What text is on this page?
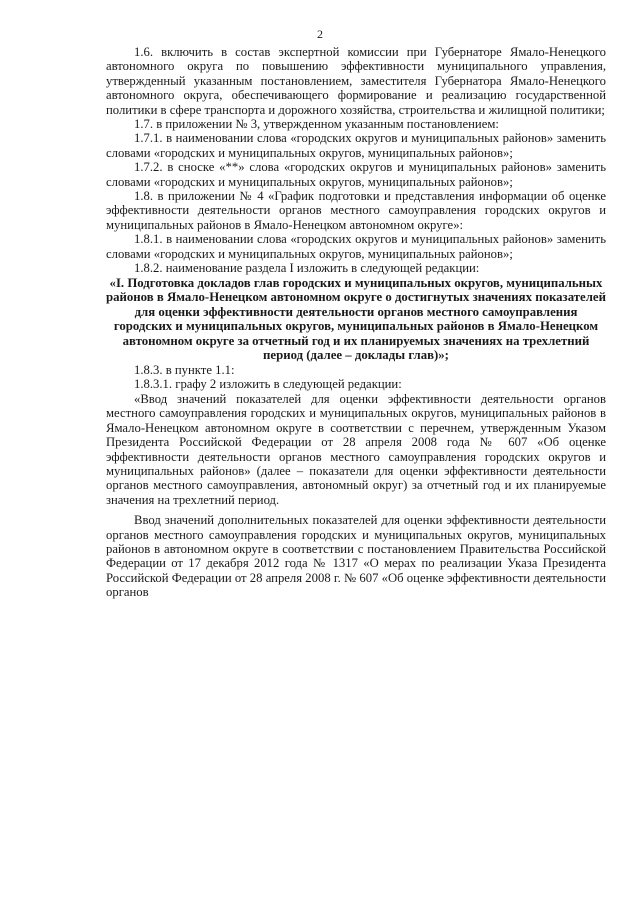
2

1.6. включить в состав экспертной комиссии при Губернаторе Ямало-Ненецкого автономного округа по повышению эффективности муниципального управления, утвержденный указанным постановлением, заместителя Губернатора Ямало-Ненецкого автономного округа, обеспечивающего формирование и реализацию государственной политики в сфере транспорта и дорожного хозяйства, строительства и жилищной политики;

1.7. в приложении № 3, утвержденном указанным постановлением:

1.7.1. в наименовании слова «городских округов и муниципальных районов» заменить словами «городских и муниципальных округов, муниципальных районов»;

1.7.2. в сноске «**» слова «городских округов и муниципальных районов» заменить словами «городских и муниципальных округов, муниципальных районов»;

1.8. в приложении № 4 «График подготовки и представления информации об оценке эффективности деятельности органов местного самоуправления городских округов и муниципальных районов в Ямало-Ненецком автономном округе»:

1.8.1. в наименовании слова «городских округов и муниципальных районов» заменить словами «городских и муниципальных округов, муниципальных районов»;

1.8.2. наименование раздела I изложить в следующей редакции:

«I. Подготовка докладов глав городских и муниципальных округов, муниципальных районов в Ямало-Ненецком автономном округе о достигнутых значениях показателей для оценки эффективности деятельности органов местного самоуправления городских и муниципальных округов, муниципальных районов в Ямало-Ненецком автономном округе за отчетный год и их планируемых значениях на трехлетний период (далее – доклады глав)»;

1.8.3. в пункте 1.1:

1.8.3.1. графу 2 изложить в следующей редакции:

«Ввод значений показателей для оценки эффективности деятельности органов местного самоуправления городских и муниципальных округов, муниципальных районов в Ямало-Ненецком автономном округе в соответствии с перечнем, утвержденным Указом Президента Российской Федерации от 28 апреля 2008 года № 607 «Об оценке эффективности деятельности органов местного самоуправления городских округов и муниципальных районов» (далее – показатели для оценки эффективности деятельности органов местного самоуправления, автономный округ) за отчетный год и их планируемые значения на трехлетний период.

Ввод значений дополнительных показателей для оценки эффективности деятельности органов местного самоуправления городских и муниципальных округов, муниципальных районов в автономном округе в соответствии с постановлением Правительства Российской Федерации от 17 декабря 2012 года № 1317 «О мерах по реализации Указа Президента Российской Федерации от 28 апреля 2008 г. № 607 «Об оценке эффективности деятельности органов
